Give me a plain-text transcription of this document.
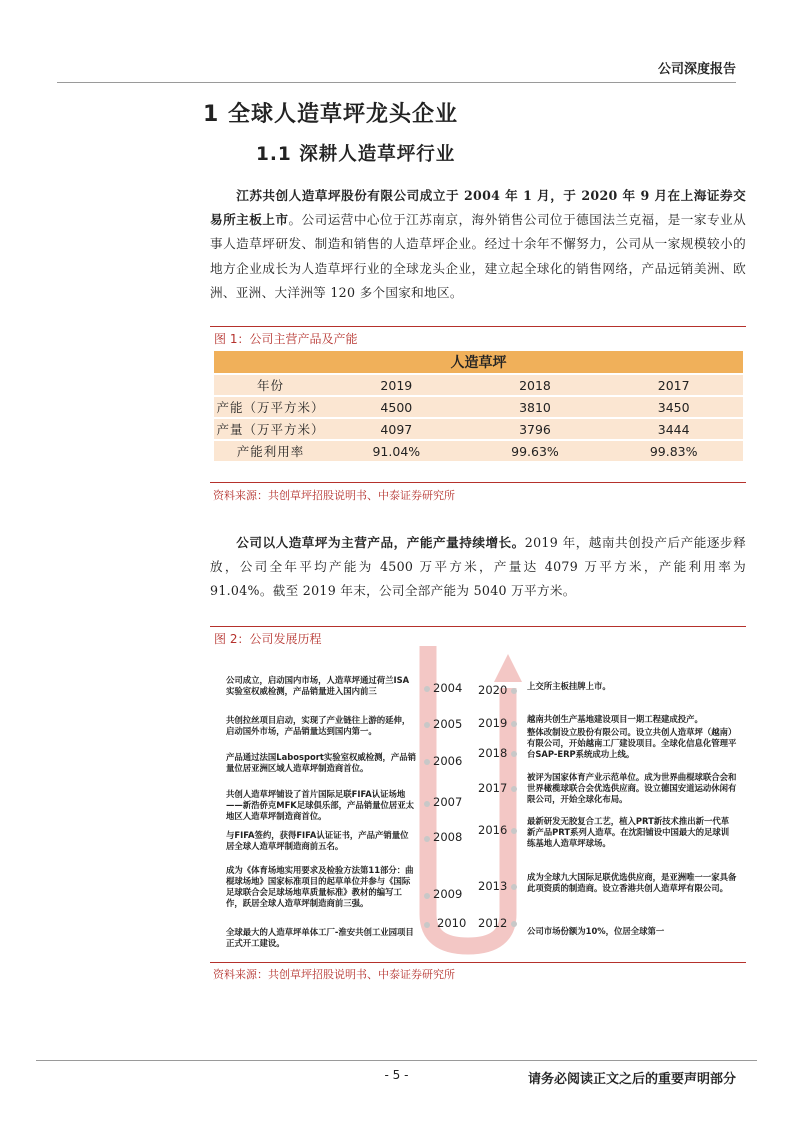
公司深度报告
1 全球人造草坪龙头企业
1.1 深耕人造草坪行业
江苏共创人造草坪股份有限公司成立于 2004 年 1 月，于 2020 年 9 月在上海证券交易所主板上市。公司运营中心位于江苏南京，海外销售公司位于德国法兰克福，是一家专业从事人造草坪研发、制造和销售的人造草坪企业。经过十余年不懈努力，公司从一家规模较小的地方企业成长为人造草坪行业的全球龙头企业，建立起全球化的销售网络，产品远销美洲、欧洲、亚洲、大洋洲等 120 多个国家和地区。
图 1：公司主营产品及产能
人造草坪			
年份	2019	2018	2017
产能（万平方米）	4500	3810	3450
产量（万平方米）	4097	3796	3444
产能利用率	91.04%	99.63%	99.83%
资料来源：共创草坪招股说明书、中泰证券研究所
公司以人造草坪为主营产品，产能产量持续增长。2019 年，越南共创投产后产能逐步释放，公司全年平均产能为 4500 万平方米，产量达 4079 万平方米，产能利用率为 91.04%。截至 2019 年末，公司全部产能为 5040 万平方米。
图 2：公司发展历程
2004
2005
2006
2007
2008
2009
2010
2020
2019
2018
2017
2016
2013
2012
公司成立，启动国内市场，人造草坪通过荷兰ISA实验室权威检测，产品销量进入国内前三
共创拉丝项目启动，实现了产业链往上游的延伸，启动国外市场，产品销量达到国内第一。
产品通过法国Labosport实验室权威检测，产品销量位居亚洲区域人造草坪制造商首位。
共创人造草坪铺设了首片国际足联FIFA认证场地——新浩侨克MFK足球俱乐部，产品销量位居亚太地区人造草坪制造商首位。
与FIFA签约，获得FIFA认证证书，产品产销量位居全球人造草坪制造商前五名。
成为《体育场地实用要求及检验方法第11部分：曲棍球场地》国家标准项目的起草单位并参与《国际足球联合会足球场地草质量标准》教材的编写工作，跃居全球人造草坪制造商前三强。
全球最大的人造草坪单体工厂-淮安共创工业园项目正式开工建设。
上交所主板挂牌上市。
越南共创生产基地建设项目一期工程建成投产。
整体改制设立股份有限公司。设立共创人造草坪（越南）有限公司，开始越南工厂建设项目。全球化信息化管理平台SAP-ERP系统成功上线。
被评为国家体育产业示范单位。成为世界曲棍球联合会和世界橄榄球联合会优选供应商。设立德国安道运动休闲有限公司，开始全球化布局。
最新研发无胶复合工艺，植入PRT新技术推出新一代革新产品PRT系列人造草。在沈阳铺设中国最大的足球训练基地人造草坪球场。
成为全球九大国际足联优选供应商，是亚洲唯一一家具备此项资质的制造商。设立香港共创人造草坪有限公司。
公司市场份额为10%，位居全球第一
资料来源：共创草坪招股说明书、中泰证券研究所
- 5 -	请务必阅读正文之后的重要声明部分
